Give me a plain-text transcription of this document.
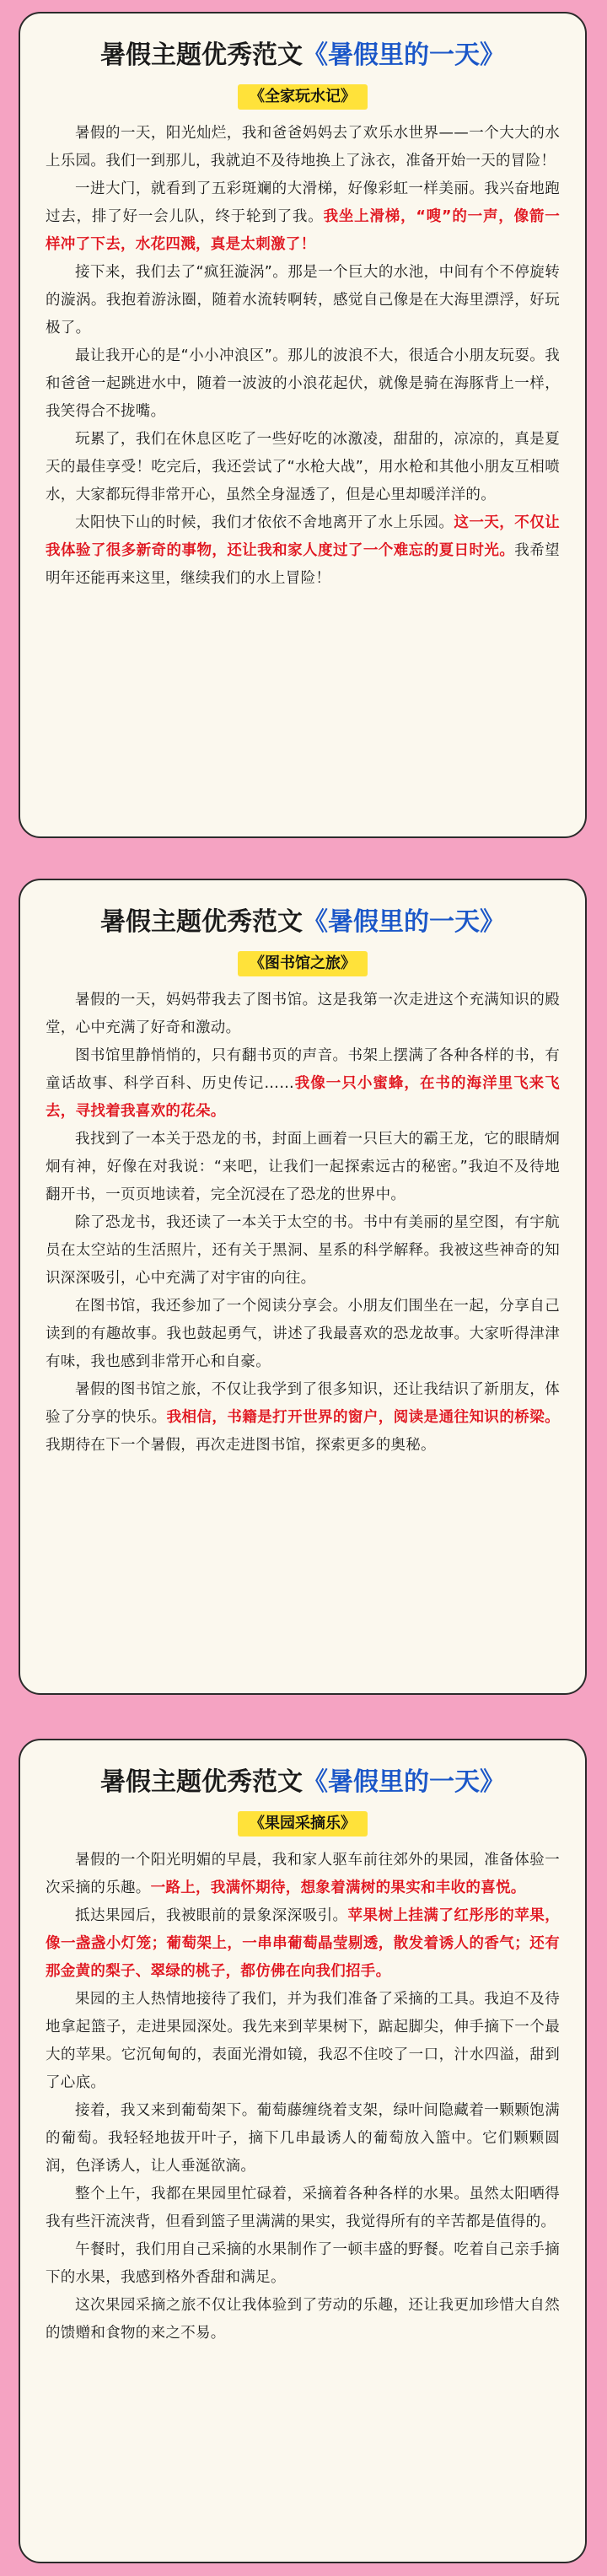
暑假主题优秀范文《暑假里的一天》
《全家玩水记》

暑假的一天，阳光灿烂，我和爸爸妈妈去了欢乐水世界——一个大大的水上乐园。我们一到那儿，我就迫不及待地换上了泳衣，准备开始一天的冒险！

一进大门，就看到了五彩斑斓的大滑梯，好像彩虹一样美丽。我兴奋地跑过去，排了好一会儿队，终于轮到了我。我坐上滑梯，“嗖”的一声，像箭一样冲了下去，水花四溅，真是太刺激了！

接下来，我们去了“疯狂漩涡”。那是一个巨大的水池，中间有个不停旋转的漩涡。我抱着游泳圈，随着水流转啊转，感觉自己像是在大海里漂浮，好玩极了。

最让我开心的是“小小冲浪区”。那儿的波浪不大，很适合小朋友玩耍。我和爸爸一起跳进水中，随着一波波的小浪花起伏，就像是骑在海豚背上一样，我笑得合不拢嘴。

玩累了，我们在休息区吃了一些好吃的冰激凌，甜甜的，凉凉的，真是夏天的最佳享受！吃完后，我还尝试了“水枪大战”，用水枪和其他小朋友互相喷水，大家都玩得非常开心，虽然全身湿透了，但是心里却暖洋洋的。

太阳快下山的时候，我们才依依不舍地离开了水上乐园。这一天，不仅让我体验了很多新奇的事物，还让我和家人度过了一个难忘的夏日时光。我希望明年还能再来这里，继续我们的水上冒险！

暑假主题优秀范文《暑假里的一天》
《图书馆之旅》

暑假的一天，妈妈带我去了图书馆。这是我第一次走进这个充满知识的殿堂，心中充满了好奇和激动。

图书馆里静悄悄的，只有翻书页的声音。书架上摆满了各种各样的书，有童话故事、科学百科、历史传记……我像一只小蜜蜂，在书的海洋里飞来飞去，寻找着我喜欢的花朵。

我找到了一本关于恐龙的书，封面上画着一只巨大的霸王龙，它的眼睛炯炯有神，好像在对我说：“来吧，让我们一起探索远古的秘密。”我迫不及待地翻开书，一页页地读着，完全沉浸在了恐龙的世界中。

除了恐龙书，我还读了一本关于太空的书。书中有美丽的星空图，有宇航员在太空站的生活照片，还有关于黑洞、星系的科学解释。我被这些神奇的知识深深吸引，心中充满了对宇宙的向往。

在图书馆，我还参加了一个阅读分享会。小朋友们围坐在一起，分享自己读到的有趣故事。我也鼓起勇气，讲述了我最喜欢的恐龙故事。大家听得津津有味，我也感到非常开心和自豪。

暑假的图书馆之旅，不仅让我学到了很多知识，还让我结识了新朋友，体验了分享的快乐。我相信，书籍是打开世界的窗户，阅读是通往知识的桥梁。我期待在下一个暑假，再次走进图书馆，探索更多的奥秘。

暑假主题优秀范文《暑假里的一天》
《果园采摘乐》

暑假的一个阳光明媚的早晨，我和家人驱车前往郊外的果园，准备体验一次采摘的乐趣。一路上，我满怀期待，想象着满树的果实和丰收的喜悦。

抵达果园后，我被眼前的景象深深吸引。苹果树上挂满了红彤彤的苹果，像一盏盏小灯笼；葡萄架上，一串串葡萄晶莹剔透，散发着诱人的香气；还有那金黄的梨子、翠绿的桃子，都仿佛在向我们招手。

果园的主人热情地接待了我们，并为我们准备了采摘的工具。我迫不及待地拿起篮子，走进果园深处。我先来到苹果树下，踮起脚尖，伸手摘下一个最大的苹果。它沉甸甸的，表面光滑如镜，我忍不住咬了一口，汁水四溢，甜到了心底。

接着，我又来到葡萄架下。葡萄藤缠绕着支架，绿叶间隐藏着一颗颗饱满的葡萄。我轻轻地拔开叶子，摘下几串最诱人的葡萄放入篮中。它们颗颗圆润，色泽诱人，让人垂涎欲滴。

整个上午，我都在果园里忙碌着，采摘着各种各样的水果。虽然太阳晒得我有些汗流浃背，但看到篮子里满满的果实，我觉得所有的辛苦都是值得的。

午餐时，我们用自己采摘的水果制作了一顿丰盛的野餐。吃着自己亲手摘下的水果，我感到格外香甜和满足。

这次果园采摘之旅不仅让我体验到了劳动的乐趣，还让我更加珍惜大自然的馈赠和食物的来之不易。
